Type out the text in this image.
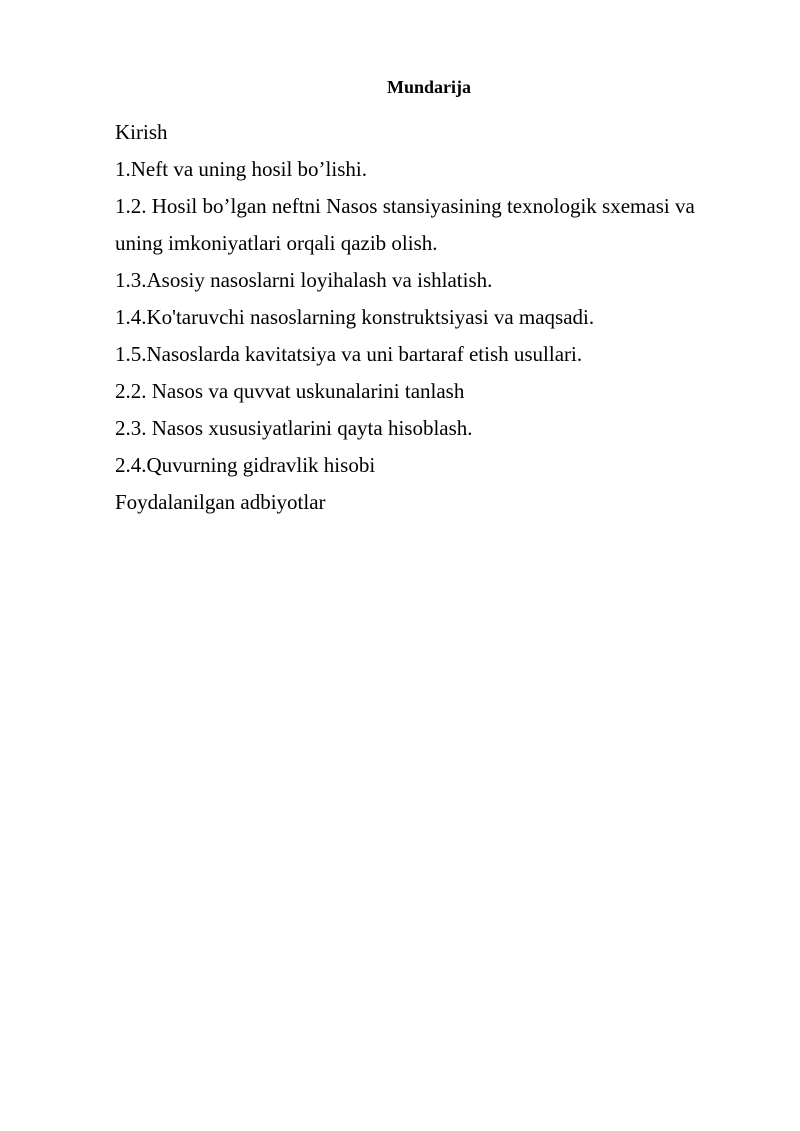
Mundarija
Kirish
1.Neft va uning hosil bo’lishi.
1.2. Hosil bo’lgan neftni Nasos stansiyasining texnologik sxemasi va
uning imkoniyatlari orqali qazib olish.
1.3.Asosiy nasoslarni loyihalash va ishlatish.
1.4.Ko'taruvchi nasoslarning konstruktsiyasi va maqsadi.
1.5.Nasoslarda kavitatsiya va uni bartaraf etish usullari.
2.2. Nasos va quvvat uskunalarini tanlash
2.3. Nasos xususiyatlarini qayta hisoblash.
2.4.Quvurning gidravlik hisobi
Foydalanilgan adbiyotlar
